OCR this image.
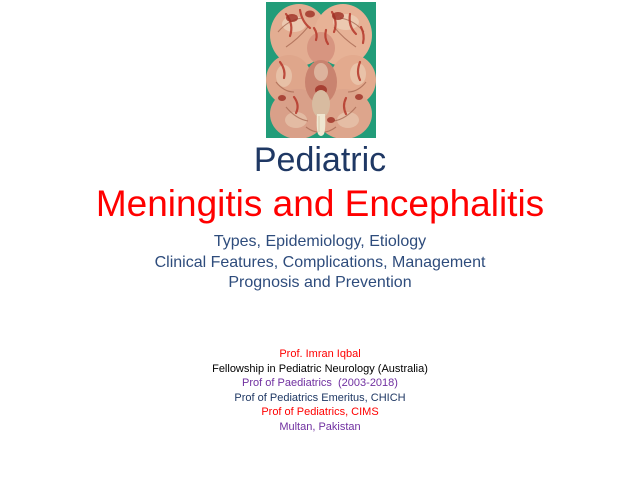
Pediatric
Meningitis and Encephalitis
Types, Epidemiology, Etiology
Clinical Features, Complications, Management
Prognosis and Prevention
Prof. Imran Iqbal
Fellowship in Pediatric Neurology (Australia)
Prof of Paediatrics  (2003-2018)
Prof of Pediatrics Emeritus, CHICH
Prof of Pediatrics, CIMS
Multan, Pakistan
